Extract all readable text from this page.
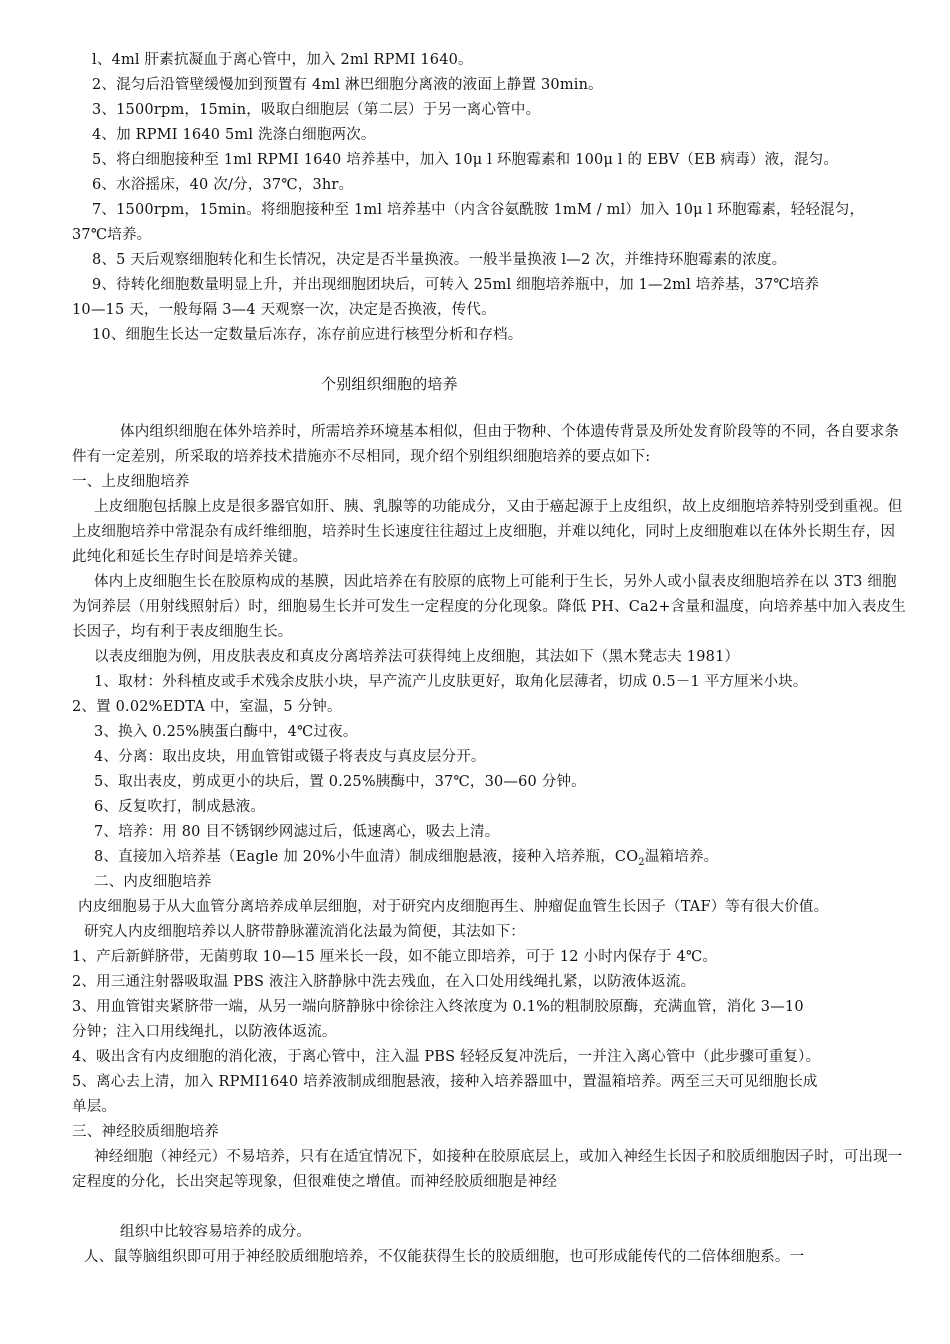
l、4ml 肝素抗凝血于离心管中，加入 2ml RPMI 1640。
2、混匀后沿管壁缓慢加到预置有 4ml 淋巴细胞分离液的液面上静置 30min。
3、1500rpm，15min，吸取白细胞层（第二层）于另一离心管中。
4、加 RPMI 1640 5ml 洗涤白细胞两次。
5、将白细胞接种至 1ml RPMI 1640 培养基中，加入 10μ l 环胞霉素和 100μ l 的 EBV（EB 病毒）液，混匀。
6、水浴摇床，40 次/分，37℃，3hr。
7、1500rpm，15min。将细胞接种至 1ml 培养基中（内含谷氨酰胺 1mM / ml）加入 10μ l 环胞霉素，轻轻混匀，
37℃培养。
8、5 天后观察细胞转化和生长情况，决定是否半量换液。一般半量换液 l—2 次，并维持环胞霉素的浓度。
9、待转化细胞数量明显上升，并出现细胞团块后，可转入 25ml 细胞培养瓶中，加 1—2ml 培养基，37℃培养
10—15 天，一般每隔 3—4 天观察一次，决定是否换液，传代。
10、细胞生长达一定数量后冻存，冻存前应进行核型分析和存档。
个别组织细胞的培养
体内组织细胞在体外培养时，所需培养环境基本相似，但由于物种、个体遗传背景及所处发育阶段等的不同，各自要求条件有一定差别，所采取的培养技术措施亦不尽相同，现介绍个别组织细胞培养的要点如下:
一、上皮细胞培养
上皮细胞包括腺上皮是很多器官如肝、胰、乳腺等的功能成分，又由于癌起源于上皮组织，故上皮细胞培养特别受到重视。但上皮细胞培养中常混杂有成纤维细胞，培养时生长速度往往超过上皮细胞，并难以纯化，同时上皮细胞难以在体外长期生存，因此纯化和延长生存时间是培养关键。
体内上皮细胞生长在胶原构成的基膜，因此培养在有胶原的底物上可能利于生长，另外人或小鼠表皮细胞培养在以 3T3 细胞为饲养层（用射线照射后）时，细胞易生长并可发生一定程度的分化现象。降低 PH、Ca2+含量和温度，向培养基中加入表皮生长因子，均有利于表皮细胞生长。
以表皮细胞为例，用皮肤表皮和真皮分离培养法可获得纯上皮细胞，其法如下（黑木凳志夫 1981）
1、取材：外科植皮或手术残余皮肤小块，早产流产儿皮肤更好，取角化层薄者，切成 0.5－1 平方厘米小块。
2、置 0.02%EDTA 中，室温，5 分钟。
3、换入 0.25%胰蛋白酶中，4℃过夜。
4、分离：取出皮块，用血管钳或镊子将表皮与真皮层分开。
5、取出表皮，剪成更小的块后，置 0.25%胰酶中，37℃，30—60 分钟。
6、反复吹打，制成悬液。
7、培养：用 80 目不锈钢纱网滤过后，低速离心，吸去上清。
8、直接加入培养基（Eagle 加 20%小牛血清）制成细胞悬液，接种入培养瓶，$CO_2$温箱培养。
二、内皮细胞培养
内皮细胞易于从大血管分离培养成单层细胞，对于研究内皮细胞再生、肿瘤促血管生长因子（TAF）等有很大价值。
研究人内皮细胞培养以人脐带静脉灌流消化法最为简便，其法如下：
1、产后新鲜脐带，无菌剪取 10—15 厘米长一段，如不能立即培养，可于 12 小时内保存于 4℃。
2、用三通注射器吸取温 PBS 液注入脐静脉中洗去残血，在入口处用线绳扎紧，以防液体返流。
3、用血管钳夹紧脐带一端，从另一端向脐静脉中徐徐注入终浓度为 0.1%的粗制胶原酶，充满血管，消化 3—10
分钟；注入口用线绳扎，以防液体返流。
4、吸出含有内皮细胞的消化液，于离心管中，注入温 PBS 轻轻反复冲洗后，一并注入离心管中（此步骤可重复）。
5、离心去上清，加入 RPMI1640 培养液制成细胞悬液，接种入培养器皿中，置温箱培养。两至三天可见细胞长成
单层。
三、神经胶质细胞培养
神经细胞（神经元）不易培养，只有在适宜情况下，如接种在胶原底层上，或加入神经生长因子和胶质细胞因子时，可出现一定程度的分化，长出突起等现象，但很难使之增值。而神经胶质细胞是神经
组织中比较容易培养的成分。
人、鼠等脑组织即可用于神经胶质细胞培养，不仅能获得生长的胶质细胞，也可形成能传代的二倍体细胞系。一
